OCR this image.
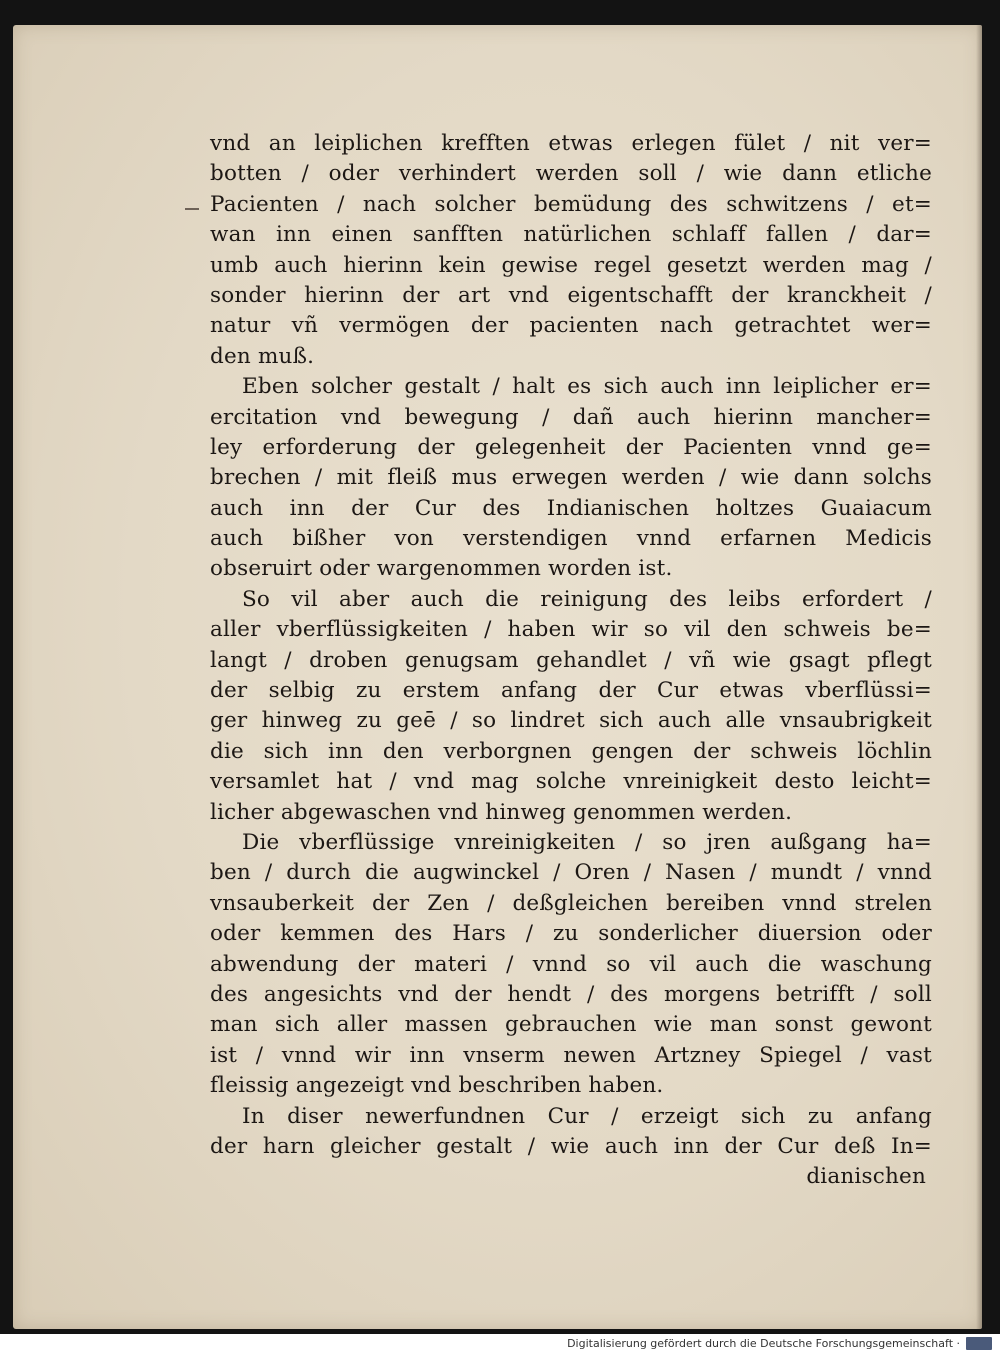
vnd an leiplichen krefften etwas erlegen fület / nit ver=
botten / oder verhindert werden soll / wie dann etliche
Pacienten / nach solcher bemüdung des schwitzens / et=
wan inn einen sanfften natürlichen schlaff fallen / dar=
umb auch hierinn kein gewise regel gesetzt werden mag /
sonder hierinn der art vnd eigentschafft der kranckheit /
natur vñ vermögen der pacienten nach getrachtet wer=
den muß.
Eben solcher gestalt / halt es sich auch inn leiplicher er=
ercitation vnd bewegung / dañ auch hierinn mancher=
ley erforderung der gelegenheit der Pacienten vnnd ge=
brechen / mit fleiß mus erwegen werden / wie dann solchs
auch inn der Cur des Indianischen holtzes Guaiacum
auch bißher von verstendigen vnnd erfarnen Medicis
obseruirt oder wargenommen worden ist.
So vil aber auch die reinigung des leibs erfordert /
aller vberflüssigkeiten / haben wir so vil den schweis be=
langt / droben genugsam gehandlet / vñ wie gsagt pflegt
der selbig zu erstem anfang der Cur etwas vberflüssi=
ger hinweg zu geē / so lindret sich auch alle vnsaubrigkeit
die sich inn den verborgnen gengen der schweis löchlin
versamlet hat / vnd mag solche vnreinigkeit desto leicht=
licher abgewaschen vnd hinweg genommen werden.
Die vberflüssige vnreinigkeiten / so jren außgang ha=
ben / durch die augwinckel / Oren / Nasen / mundt / vnnd
vnsauberkeit der Zen / deßgleichen bereiben vnnd strelen
oder kemmen des Hars / zu sonderlicher diuersion oder
abwendung der materi / vnnd so vil auch die waschung
des angesichts vnd der hendt / des morgens betrifft / soll
man sich aller massen gebrauchen wie man sonst gewont
ist / vnnd wir inn vnserm newen Artzney Spiegel / vast
fleissig angezeigt vnd beschriben haben.
In diser newerfundnen Cur / erzeigt sich zu anfang
der harn gleicher gestalt / wie auch inn der Cur deß In=
dianischen
Digitalisierung gefördert durch die Deutsche Forschungsgemeinschaft ·
